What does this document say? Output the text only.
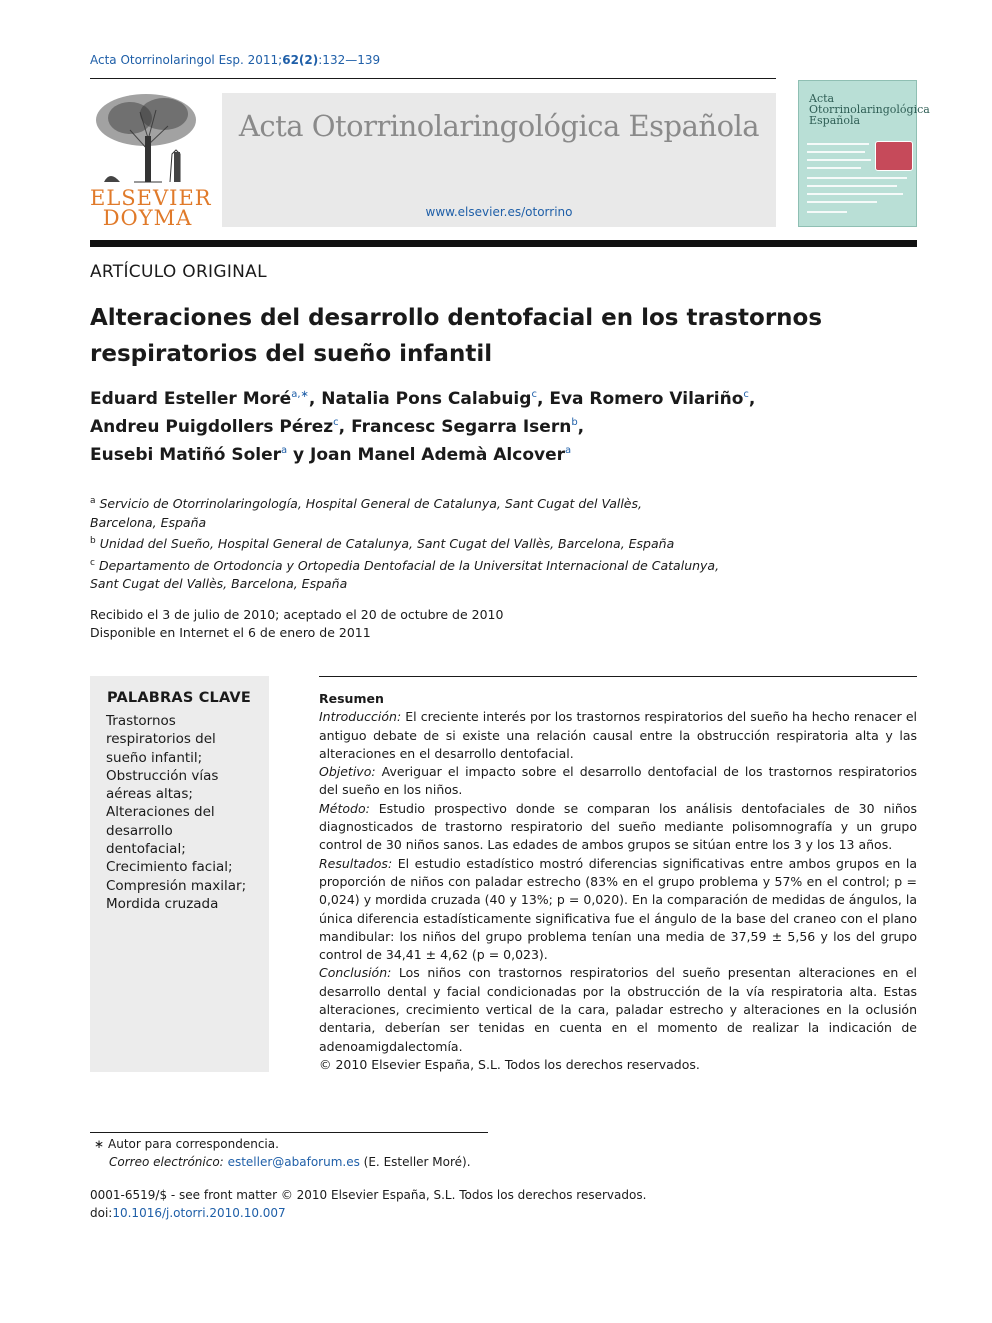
Acta Otorrinolaringol Esp. 2011;62(2):132—139
ELSEVIER
DOYMA
Acta Otorrinolaringológica Española
www.elsevier.es/otorrino
Acta Otorrinolaringológica Española
ARTÍCULO ORIGINAL
Alteraciones del desarrollo dentofacial en los trastornos respiratorios del sueño infantil
Eduard Esteller Moré$^{a,∗}$, Natalia Pons Calabuig$^c$, Eva Romero Vilariño$^c$,
Andreu Puigdollers Pérez$^c$, Francesc Segarra Isern$^b$,
Eusebi Matiñó Soler$^a$ y Joan Manel Ademà Alcover$^a$
$^a$ Servicio de Otorrinolaringología, Hospital General de Catalunya, Sant Cugat del Vallès,
Barcelona, España
$^b$ Unidad del Sueño, Hospital General de Catalunya, Sant Cugat del Vallès, Barcelona, España
$^c$ Departamento de Ortodoncia y Ortopedia Dentofacial de la Universitat Internacional de Catalunya,
Sant Cugat del Vallès, Barcelona, España
Recibido el 3 de julio de 2010; aceptado el 20 de octubre de 2010
Disponible en Internet el 6 de enero de 2011
PALABRAS CLAVE
Trastornos respiratorios del sueño infantil;
Obstrucción vías aéreas altas;
Alteraciones del desarrollo dentofacial;
Crecimiento facial;
Compresión maxilar;
Mordida cruzada
Resumen

Introducción: El creciente interés por los trastornos respiratorios del sueño ha hecho renacer el antiguo debate de si existe una relación causal entre la obstrucción respiratoria alta y las alteraciones en el desarrollo dentofacial.

Objetivo: Averiguar el impacto sobre el desarrollo dentofacial de los trastornos respiratorios del sueño en los niños.

Método: Estudio prospectivo donde se comparan los análisis dentofaciales de 30 niños diagnosticados de trastorno respiratorio del sueño mediante polisomnografía y un grupo control de 30 niños sanos. Las edades de ambos grupos se sitúan entre los 3 y los 13 años.

Resultados: El estudio estadístico mostró diferencias significativas entre ambos grupos en la proporción de niños con paladar estrecho (83% en el grupo problema y 57% en el control; p = 0,024) y mordida cruzada (40 y 13%; p = 0,020). En la comparación de medidas de ángulos, la única diferencia estadísticamente significativa fue el ángulo de la base del craneo con el plano mandibular: los niños del grupo problema tenían una media de 37,59 ± 5,56 y los del grupo control de 34,41 ± 4,62 (p = 0,023).

Conclusión: Los niños con trastornos respiratorios del sueño presentan alteraciones en el desarrollo dental y facial condicionadas por la obstrucción de la vía respiratoria alta. Estas alteraciones, crecimiento vertical de la cara, paladar estrecho y alteraciones en la oclusión dentaria, deberían ser tenidas en cuenta en el momento de realizar la indicación de adenoamigdalectomía.

© 2010 Elsevier España, S.L. Todos los derechos reservados.

∗ Autor para correspondencia.
Correo electrónico: esteller@abaforum.es (E. Esteller Moré).
0001-6519/$ - see front matter © 2010 Elsevier España, S.L. Todos los derechos reservados.
doi:10.1016/j.otorri.2010.10.007
